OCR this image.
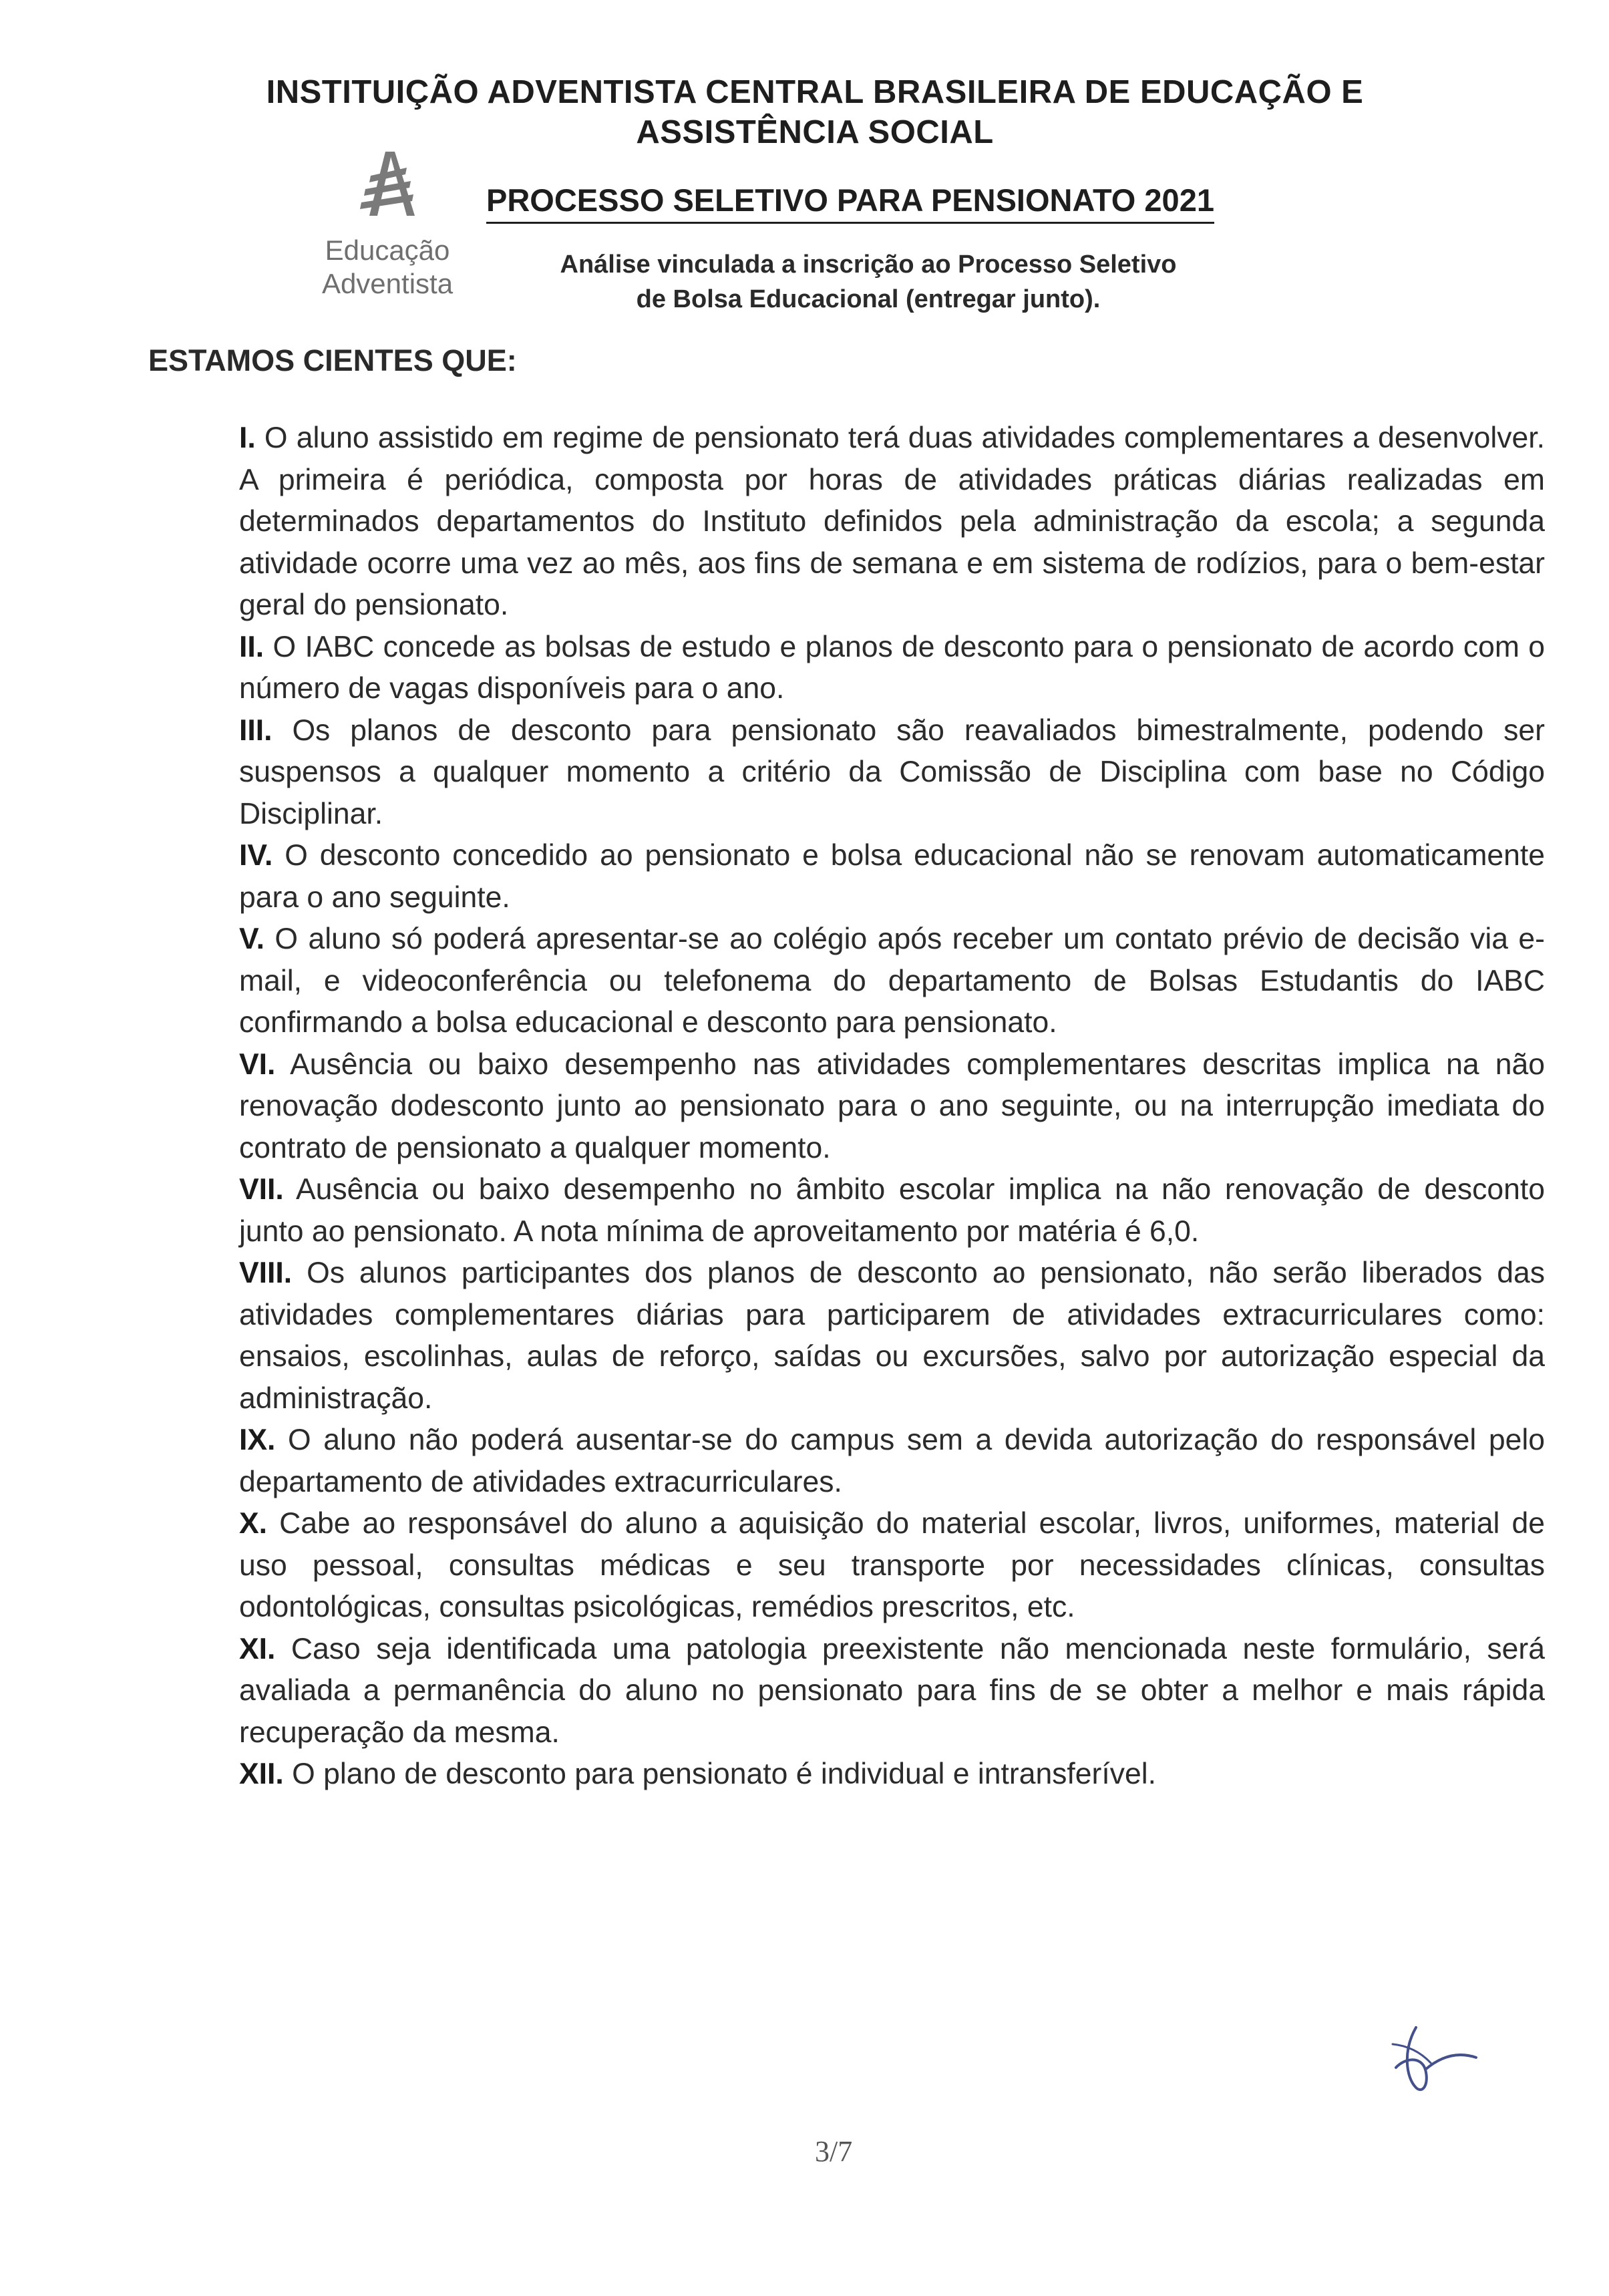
INSTITUIÇÃO ADVENTISTA CENTRAL BRASILEIRA DE EDUCAÇÃO E ASSISTÊNCIA SOCIAL
Educação
Adventista
PROCESSO SELETIVO PARA PENSIONATO 2021
Análise vinculada a inscrição ao Processo Seletivo
de Bolsa Educacional (entregar junto).
ESTAMOS CIENTES QUE:

I. O aluno assistido em regime de pensionato terá duas atividades complementares a desenvolver. A primeira é periódica, composta por horas de atividades práticas diárias realizadas em determinados departamentos do Instituto definidos pela administração da escola; a segunda atividade ocorre uma vez ao mês, aos fins de semana e em sistema de rodízios, para o bem-estar geral do pensionato.

II. O IABC concede as bolsas de estudo e planos de desconto para o pensionato de acordo com o número de vagas disponíveis para o ano.

III. Os planos de desconto para pensionato são reavaliados bimestralmente, podendo ser suspensos a qualquer momento a critério da Comissão de Disciplina com base no Código Disciplinar.

IV. O desconto concedido ao pensionato e bolsa educacional não se renovam automaticamente para o ano seguinte.

V. O aluno só poderá apresentar-se ao colégio após receber um contato prévio de decisão via e-mail, e videoconferência ou telefonema do departamento de Bolsas Estudantis do IABC confirmando a bolsa educacional e desconto para pensionato.

VI. Ausência ou baixo desempenho nas atividades complementares descritas implica na não renovação dodesconto junto ao pensionato para o ano seguinte, ou na interrupção imediata do contrato de pensionato a qualquer momento.

VII. Ausência ou baixo desempenho no âmbito escolar implica na não renovação de desconto junto ao pensionato. A nota mínima de aproveitamento por matéria é 6,0.

VIII. Os alunos participantes dos planos de desconto ao pensionato, não serão liberados das atividades complementares diárias para participarem de atividades extracurriculares como: ensaios, escolinhas, aulas de reforço, saídas ou excursões, salvo por autorização especial da administração.

IX. O aluno não poderá ausentar-se do campus sem a devida autorização do responsável pelo departamento de atividades extracurriculares.

X. Cabe ao responsável do aluno a aquisição do material escolar, livros, uniformes, material de uso pessoal, consultas médicas e seu transporte por necessidades clínicas, consultas odontológicas, consultas psicológicas, remédios prescritos, etc.

XI. Caso seja identificada uma patologia preexistente não mencionada neste formulário, será avaliada a permanência do aluno no pensionato para fins de se obter a melhor e mais rápida recuperação da mesma.

XII. O plano de desconto para pensionato é individual e intransferível.

3/7
